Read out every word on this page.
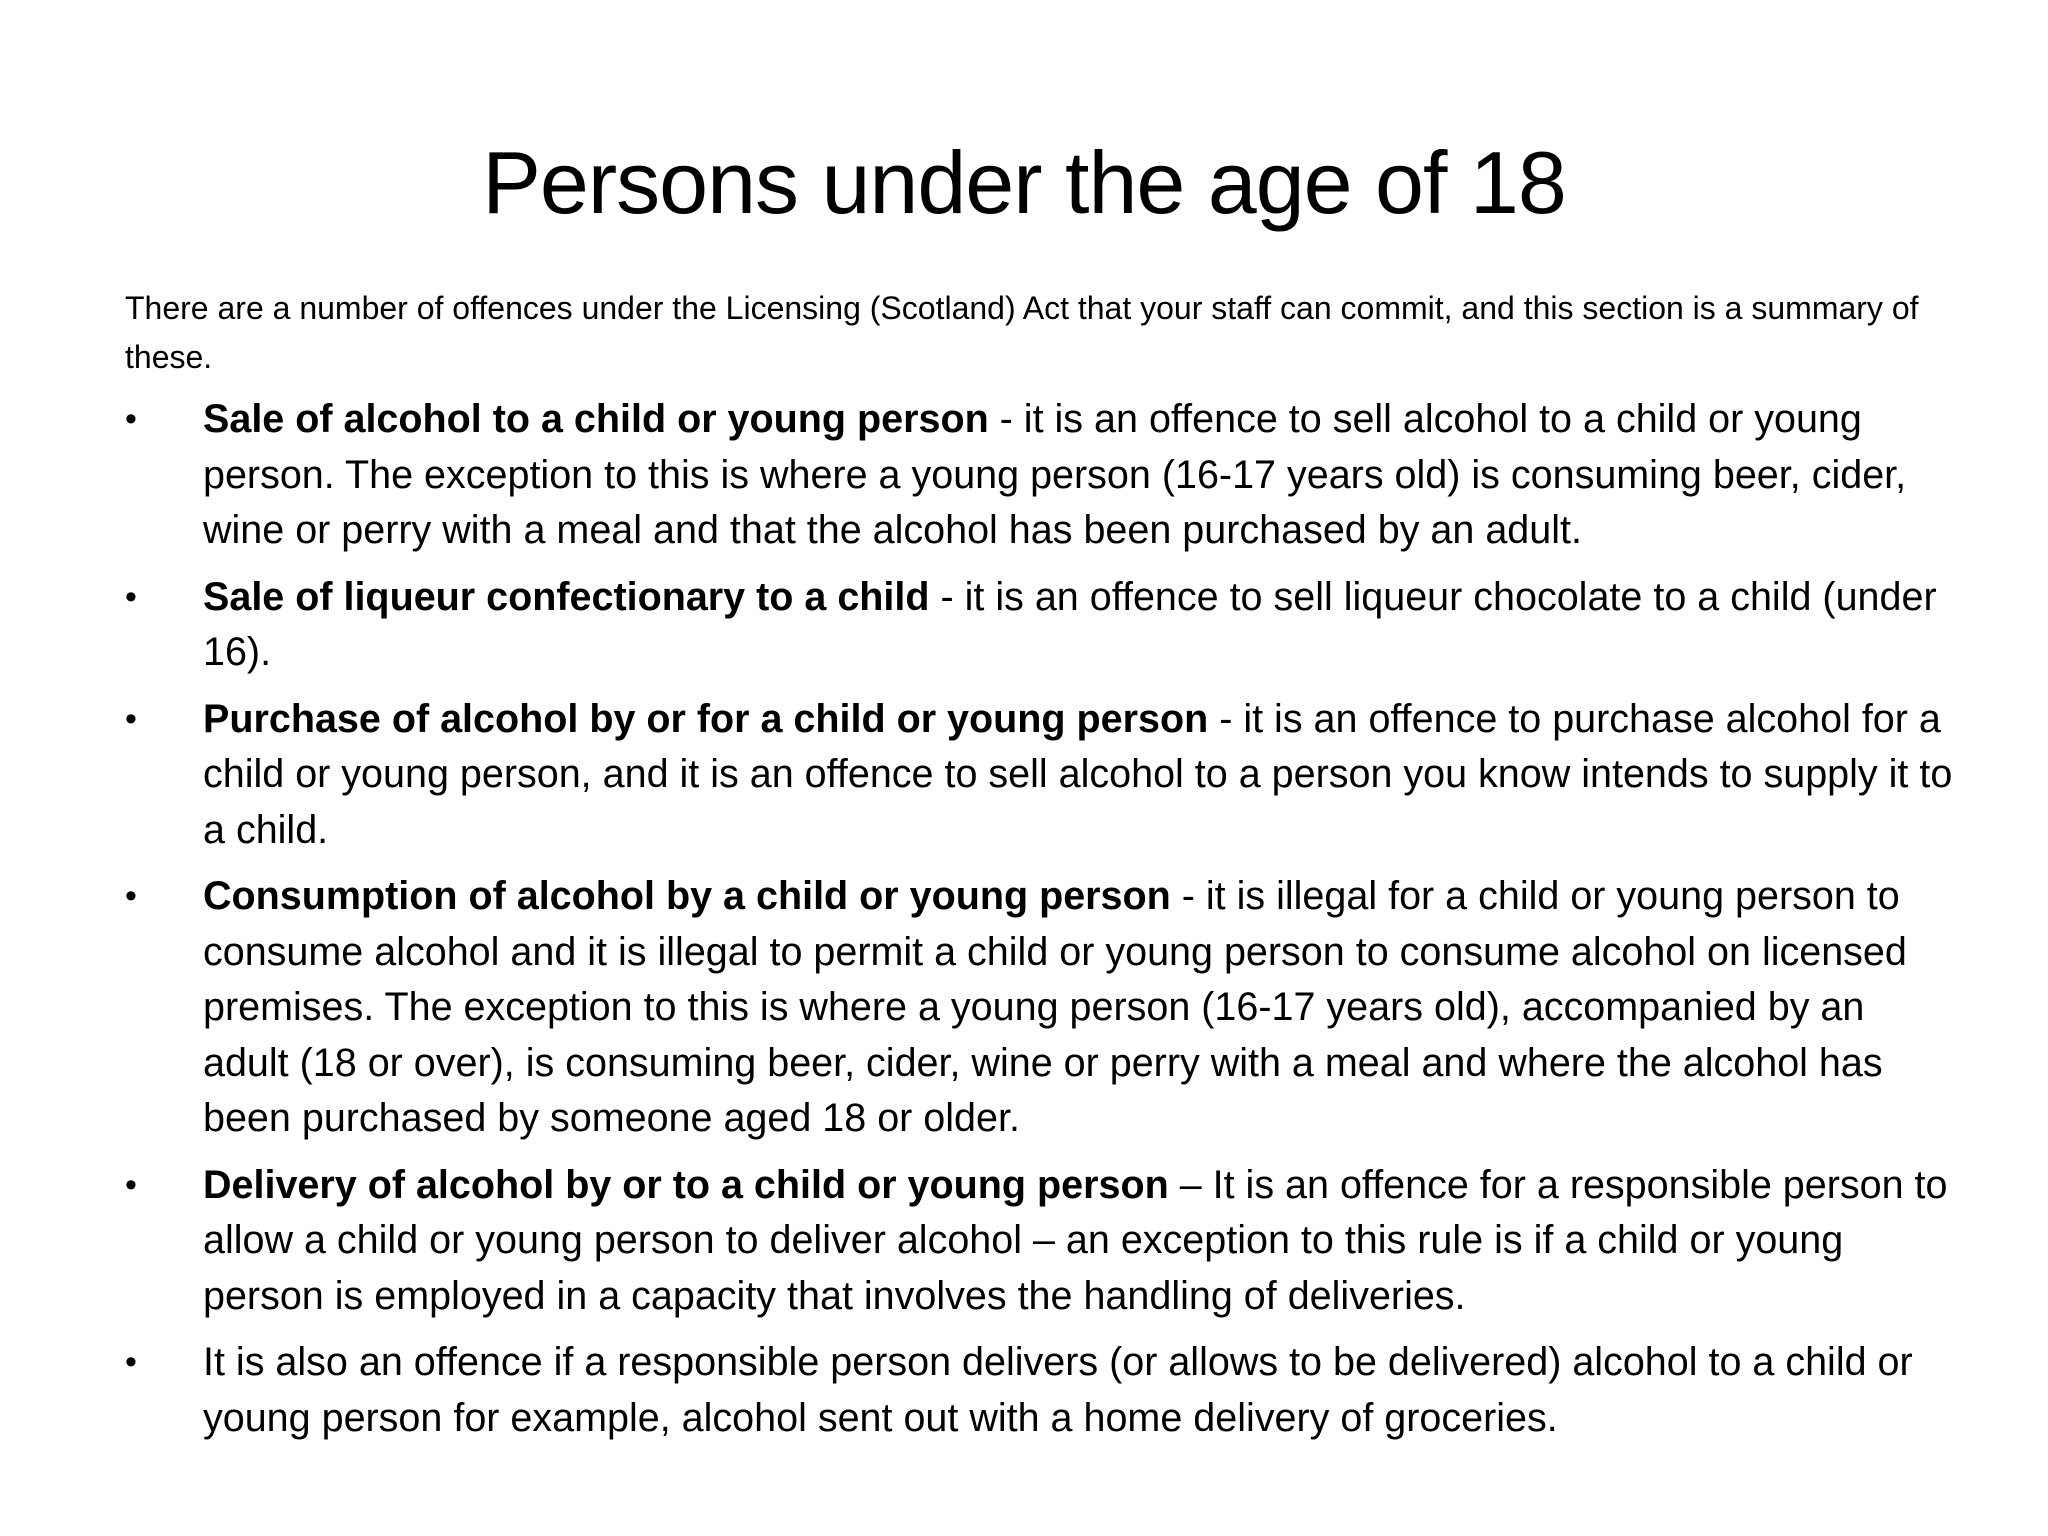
Persons under the age of 18

There are a number of offences under the Licensing (Scotland) Act that your staff can commit, and this section is a summary of these.

•	Sale of alcohol to a child or young person - it is an offence to sell alcohol to a child or young person. The exception to this is where a young person (16-17 years old) is consuming beer, cider, wine or perry with a meal and that the alcohol has been purchased by an adult.
•	Sale of liqueur confectionary to a child - it is an offence to sell liqueur chocolate to a child (under 16).
•	Purchase of alcohol by or for a child or young person - it is an offence to purchase alcohol for a child or young person, and it is an offence to sell alcohol to a person you know intends to supply it to a child.
•	Consumption of alcohol by a child or young person - it is illegal for a child or young person to consume alcohol and it is illegal to permit a child or young person to consume alcohol on licensed premises. The exception to this is where a young person (16-17 years old), accompanied by an adult (18 or over), is consuming beer, cider, wine or perry with a meal and where the alcohol has been purchased by someone aged 18 or older.
•	Delivery of alcohol by or to a child or young person – It is an offence for a responsible person to allow a child or young person to deliver alcohol – an exception to this rule is if a child or young person is employed in a capacity that involves the handling of deliveries.
•	It is also an offence if a responsible person delivers (or allows to be delivered) alcohol to a child or young person for example, alcohol sent out with a home delivery of groceries.
